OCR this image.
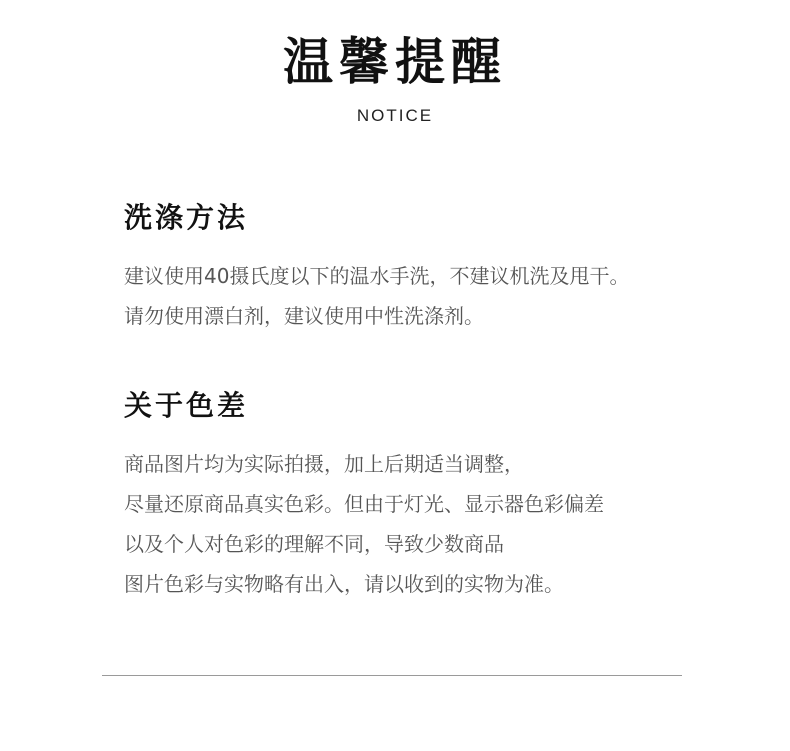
温馨提醒
NOTICE
洗涤方法

建议使用40摄氏度以下的温水手洗，不建议机洗及甩干。
请勿使用漂白剂，建议使用中性洗涤剂。

关于色差

商品图片均为实际拍摄，加上后期适当调整，
尽量还原商品真实色彩。但由于灯光、显示器色彩偏差
以及个人对色彩的理解不同，导致少数商品
图片色彩与实物略有出入，请以收到的实物为准。
